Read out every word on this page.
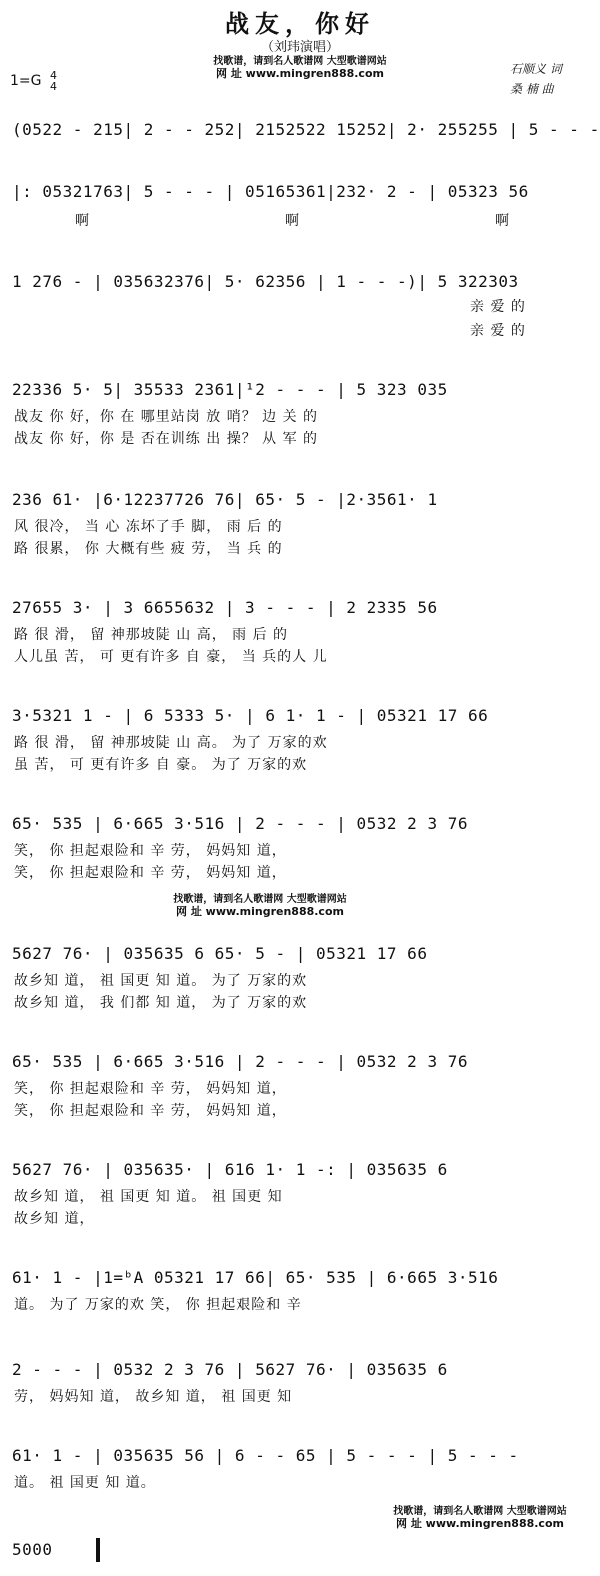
战友，你好
（刘玮演唱）
找歌谱，请到名人歌谱网 大型歌谱网站
网 址 www.mingren888.com
1=G 4
4
石顺义 词
桑 楠 曲
(0522 - 215| 2 - - 252| 2152522 15252| 2· 255255 | 5 - - -
|: 05321763| 5 - - - | 05165361|232· 2 - | 05323 56
啊	啊	啊
1 276 - | 035632376| 5· 62356 | 1 - - -)| 5 322303
亲 爱 的
亲 爱 的
22336 5· 5| 35533 2361|¹2 - - - | 5 323 035
战友 你 好，你 在 哪里站岗 放 哨？ 边 关 的
战友 你 好，你 是 否在训练 出 操？ 从 军 的
236 61· |6·12237726 76| 65· 5 - |2·3561· 1
风 很冷， 当 心 冻坏了手 脚， 雨 后 的
路 很累， 你 大概有些 疲 劳， 当 兵 的
27655 3· | 3 6655632 | 3 - - - | 2 2335 56
路 很 滑， 留 神那坡陡 山 高， 雨 后 的
人儿虽 苦， 可 更有许多 自 豪， 当 兵的人 儿
3·5321 1 - | 6 5333 5· | 6 1· 1 - | 05321 17 66
路 很 滑， 留 神那坡陡 山 高。 为了 万家的欢
虽 苦， 可 更有许多 自 豪。 为了 万家的欢
65· 535 | 6·665 3·516 | 2 - - - | 0532 2 3 76
笑， 你 担起艰险和 辛 劳， 妈妈知 道，
笑， 你 担起艰险和 辛 劳， 妈妈知 道，
找歌谱，请到名人歌谱网 大型歌谱网站
网 址 www.mingren888.com
5627 76· | 035635 6 65· 5 - | 05321 17 66
故乡知 道， 祖 国更 知 道。 为了 万家的欢
故乡知 道， 我 们都 知 道， 为了 万家的欢
65· 535 | 6·665 3·516 | 2 - - - | 0532 2 3 76
笑， 你 担起艰险和 辛 劳， 妈妈知 道，
笑， 你 担起艰险和 辛 劳， 妈妈知 道，
5627 76· | 035635· | 616 1· 1 -: | 035635 6
故乡知 道， 祖 国更 知 道。 祖 国更 知
故乡知 道，
61· 1 - |1=ᵇA 05321 17 66| 65· 535 | 6·665 3·516
道。 为了 万家的欢 笑， 你 担起艰险和 辛
2 - - - | 0532 2 3 76 | 5627 76· | 035635 6
劳， 妈妈知 道， 故乡知 道， 祖 国更 知
61· 1 - | 035635 56 | 6 - - 65 | 5 - - - | 5 - - -
道。 祖 国更 知 道。
找歌谱，请到名人歌谱网 大型歌谱网站
网 址 www.mingren888.com
5000
